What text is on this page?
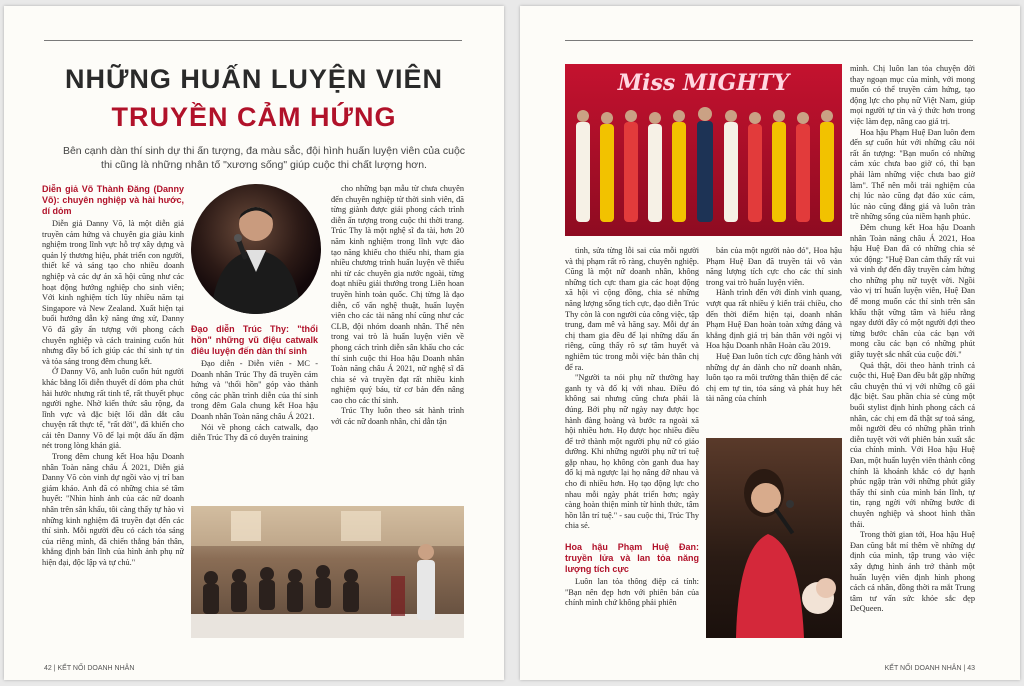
NHỮNG HUẤN LUYỆN VIÊN
TRUYỀN CẢM HỨNG
Bên cạnh dàn thí sinh dự thi ấn tượng, đa màu sắc, đội hình huấn luyện viên của cuộc thi cũng là những nhân tố "xương sống" giúp cuộc thi chất lượng hơn.
Diễn giả Võ Thành Đăng (Danny Võ): chuyên nghiệp và hài hước, dí dỏm

Diễn giả Danny Võ, là một diễn giả truyền cảm hứng và chuyên gia giàu kinh nghiệm trong lĩnh vực hỗ trợ xây dựng và quản lý thương hiệu, phát triển con người, thiết kế và sáng tạo cho nhiều doanh nghiệp và các dự án xã hội cũng như các hoạt động hướng nghiệp cho sinh viên; Với kinh nghiệm tích lũy nhiều năm tại Singapore và New Zealand. Xuất hiện tại buổi hướng dẫn kỹ năng ứng xử, Danny Võ đã gây ấn tượng với phong cách chuyên nghiệp và cách training cuốn hút nhưng đầy bổ ích giúp các thí sinh tự tin và tỏa sáng trong đêm chung kết.

Ở Danny Võ, anh luôn cuốn hút người khác bằng lối diễn thuyết dí dỏm pha chút hài hước nhưng rất tinh tế, rất thuyết phục người nghe. Nhờ kiến thức sâu rộng, đa lĩnh vực và đặc biệt lối dẫn dắt câu chuyện rất thực tế, "rất đời", đã khiến cho cái tên Danny Võ để lại một dấu ấn đậm nét trong lòng khán giả.

Trong đêm chung kết Hoa hậu Doanh nhân Toàn năng châu Á 2021, Diễn giả Danny Võ còn vinh dự ngồi vào vị trí ban giám khảo. Anh đã có những chia sẻ tâm huyết: "Nhìn hình ảnh của các nữ doanh nhân trên sân khấu, tôi càng thấy tự hào vì những kinh nghiệm đã truyền đạt đến các thí sinh. Mỗi người đều có cách tỏa sáng của riêng mình, đã chiến thắng bản thân, khẳng định bản lĩnh của hình ảnh phụ nữ hiện đại, độc lập và tự chủ."

Đạo diễn Trúc Thy: "thổi hồn" những vũ điệu catwalk điêu luyện đến dàn thí sinh

Đạo diễn - Diễn viên - MC - Doanh nhân Trúc Thy đã truyền cảm hứng và "thổi hồn" góp vào thành công các phần trình diễn của thí sinh trong đêm Gala chung kết Hoa hậu Doanh nhân Toàn năng châu Á 2021.

Nói về phong cách catwalk, đạo diễn Trúc Thy đã có duyên training

cho những bạn mẫu từ chưa chuyên đến chuyên nghiệp từ thời sinh viên, đã từng giành được giải phong cách trình diễn ấn tượng trong cuộc thi thời trang. Trúc Thy là một nghệ sĩ đa tài, hơn 20 năm kinh nghiệm trong lĩnh vực đào tạo năng khiếu cho thiếu nhi, tham gia nhiều chương trình huấn luyện về thiếu nhi từ các chuyên gia nước ngoài, từng đoạt nhiều giải thưởng trong Liên hoan truyền hình toàn quốc. Chị từng là đạo diễn, cố vấn nghệ thuật, huấn luyện viên cho các tài năng nhí cũng như các CLB, đội nhóm doanh nhân. Thế nên trong vai trò là huấn luyện viên về phong cách trình diễn sân khấu cho các thí sinh cuộc thi Hoa hậu Doanh nhân Toàn năng châu Á 2021, nữ nghệ sĩ đã chia sẻ và truyền đạt rất nhiều kinh nghiệm quý báu, từ cơ bản đến nâng cao cho các thí sinh.

Trúc Thy luôn theo sát hành trình với các nữ doanh nhân, chỉ dẫn tận

42 | KẾT NỐI DOANH NHÂN
Miss MIGHTY

tình, sửa từng lỗi sai của mỗi người và thị phạm rất rõ ràng, chuyên nghiệp. Cũng là một nữ doanh nhân, không những tích cực tham gia các hoạt động xã hội vì cộng đồng, chia sẻ những năng lượng sống tích cực, đạo diễn Trúc Thy còn là con người của công việc, tập trung, đam mê và hăng say. Mỗi dự án chị tham gia đều để lại những dấu ấn riêng, cũng thấy rõ sự tâm huyết và nghiêm túc trong mỗi việc bản thân chị để ra.

"Người ta nói phụ nữ thường hay ganh tỵ và đố kị với nhau. Điều đó không sai nhưng cũng chưa phải là đúng. Bởi phụ nữ ngày nay được học hành đàng hoàng và bước ra ngoài xã hội nhiều hơn. Họ được học nhiều điều để trở thành một người phụ nữ có giáo dưỡng. Khi những người phụ nữ trí tuệ gặp nhau, họ không còn ganh đua hay đố kị mà ngược lại họ nâng đỡ nhau và cho đi nhiều hơn. Họ tạo động lực cho nhau mỗi ngày phát triển hơn; ngày càng hoàn thiện mình từ hình thức, tâm hồn lẫn trí tuệ." - sau cuộc thi, Trúc Thy chia sẻ.

Hoa hậu Phạm Huệ Đan: truyền lửa và lan tỏa năng lượng tích cực

Luôn lan tỏa thông điệp cá tính: "Bạn nên đẹp hơn với phiên bản của chính mình chứ không phải phiên

bản của một người nào đó", Hoa hậu Phạm Huệ Đan đã truyền tải vô vàn năng lượng tích cực cho các thí sinh trong vai trò huấn luyện viên.

Hành trình đến với đỉnh vinh quang, vượt qua rất nhiều ý kiến trái chiều, cho đến thời điểm hiện tại, doanh nhân Phạm Huệ Đan hoàn toàn xứng đáng và khẳng định giá trị bản thân với ngôi vị Hoa hậu Doanh nhân Hoàn cầu 2019.

Huệ Đan luôn tích cực đồng hành với những dự án dành cho nữ doanh nhân, luôn tạo ra môi trường thân thiện để các chị em tự tin, tỏa sáng và phát huy hết tài năng của chính

mình. Chị luôn lan tỏa chuyện đời thay ngoạn mục của mình, với mong muốn có thể truyền cảm hứng, tạo động lực cho phụ nữ Việt Nam, giúp mọi người tự tin và ý thức hơn trong việc làm đẹp, nâng cao giá trị.

Hoa hậu Phạm Huệ Đan luôn đem đến sự cuốn hút với những câu nói rất ấn tượng: "Bạn muốn có những cảm xúc chưa bao giờ có, thì bạn phải làm những việc chưa bao giờ làm". Thế nên mỗi trải nghiệm của chị lúc nào cũng đạt đáo xúc cảm, lúc nào cũng đẳng giá và luôn tràn trề những sống của niềm hạnh phúc.

Đêm chung kết Hoa hậu Doanh nhân Toàn năng châu Á 2021, Hoa hậu Huệ Đan đã có những chia sẻ xúc động: "Huệ Đan cảm thấy rất vui và vinh dự đến đây truyền cảm hứng cho những phụ nữ tuyệt vời. Ngồi vào vị trí huấn luyện viên, Huệ Đan để mong muốn các thí sinh trên sân khấu thật vững tâm và hiểu rằng ngay dưới đây có một người đợi theo từng bước chân của các bạn với mong cầu các bạn có những phút giây tuyệt sắc nhất của cuộc đời."

Quả thật, dõi theo hành trình cả cuộc thi, Huệ Đan đều bắt gặp những câu chuyện thú vị với những cô gái đặc biệt. Sau phần chia sẻ cùng một buổi stylist định hình phong cách cá nhân, các chị em đã thật sự toả sáng, mỗi người đều có những phần trình diễn tuyệt vời với phiên bản xuất sắc của chính mình. Với Hoa hậu Huệ Đan, một huấn luyện viên thành công chính là khoảnh khắc có dự hạnh phúc ngập tràn với những phút giây thấy thí sinh của mình bản lĩnh, tự tin, rạng ngời với những bước đi chuyên nghiệp và shoot hình thần thái.

Trong thời gian tới, Hoa hậu Huệ Đan cũng bắt mí thêm về những dự định của mình, tập trung vào việc xây dựng hình ảnh trở thành một huấn luyện viên định hình phong cách cá nhân, đồng thời ra mắt Trung tâm tư vấn sức khỏe sắc đẹp DeQueen.

KẾT NỐI DOANH NHÂN | 43
